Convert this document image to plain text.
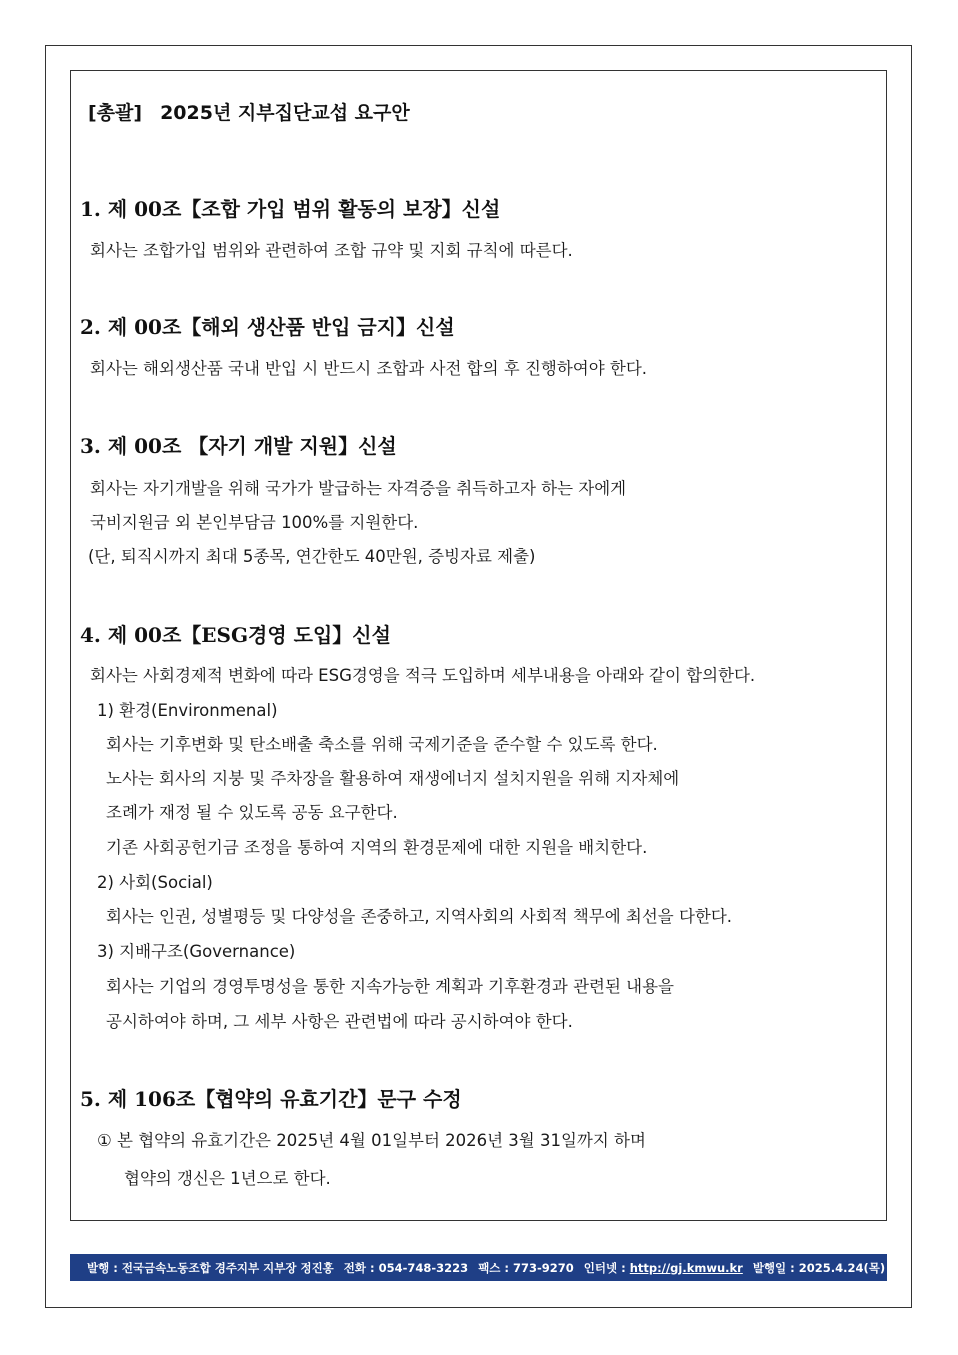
[총괄] 2025년 지부집단교섭 요구안
1. 제 00조【조합 가입 범위 활동의 보장】신설
회사는 조합가입 범위와 관련하여 조합 규약 및 지회 규칙에 따른다.
2. 제 00조【해외 생산품 반입 금지】신설
회사는 해외생산품 국내 반입 시 반드시 조합과 사전 합의 후 진행하여야 한다.
3. 제 00조 【자기 개발 지원】신설
회사는 자기개발을 위해 국가가 발급하는 자격증을 취득하고자 하는 자에게
국비지원금 외 본인부담금 100%를 지원한다.
(단, 퇴직시까지 최대 5종목, 연간한도 40만원, 증빙자료 제출)
4. 제 00조【ESG경영 도입】신설
회사는 사회경제적 변화에 따라 ESG경영을 적극 도입하며 세부내용을 아래와 같이 합의한다.
1) 환경(Environmenal)
회사는 기후변화 및 탄소배출 축소를 위해 국제기준을 준수할 수 있도록 한다.
노사는 회사의 지붕 및 주차장을 활용하여 재생에너지 설치지원을 위해 지자체에
조례가 재정 될 수 있도록 공동 요구한다.
기존 사회공헌기금 조정을 통하여 지역의 환경문제에 대한 지원을 배치한다.
2) 사회(Social)
회사는 인권, 성별평등 및 다양성을 존중하고, 지역사회의 사회적 책무에 최선을 다한다.
3) 지배구조(Governance)
회사는 기업의 경영투명성을 통한 지속가능한 계획과 기후환경과 관련된 내용을
공시하여야 하며, 그 세부 사항은 관련법에 따라 공시하여야 한다.
5. 제 106조【협약의 유효기간】문구 수정
① 본 협약의 유효기간은 2025년 4월 01일부터 2026년 3월 31일까지 하며
협약의 갱신은 1년으로 한다.
발행 : 전국금속노동조합 경주지부 지부장 정진홍 전화 : 054-748-3223 팩스 : 773-9270 인터넷 : http://gj.kmwu.kr 발행일 : 2025.4.24(목)
